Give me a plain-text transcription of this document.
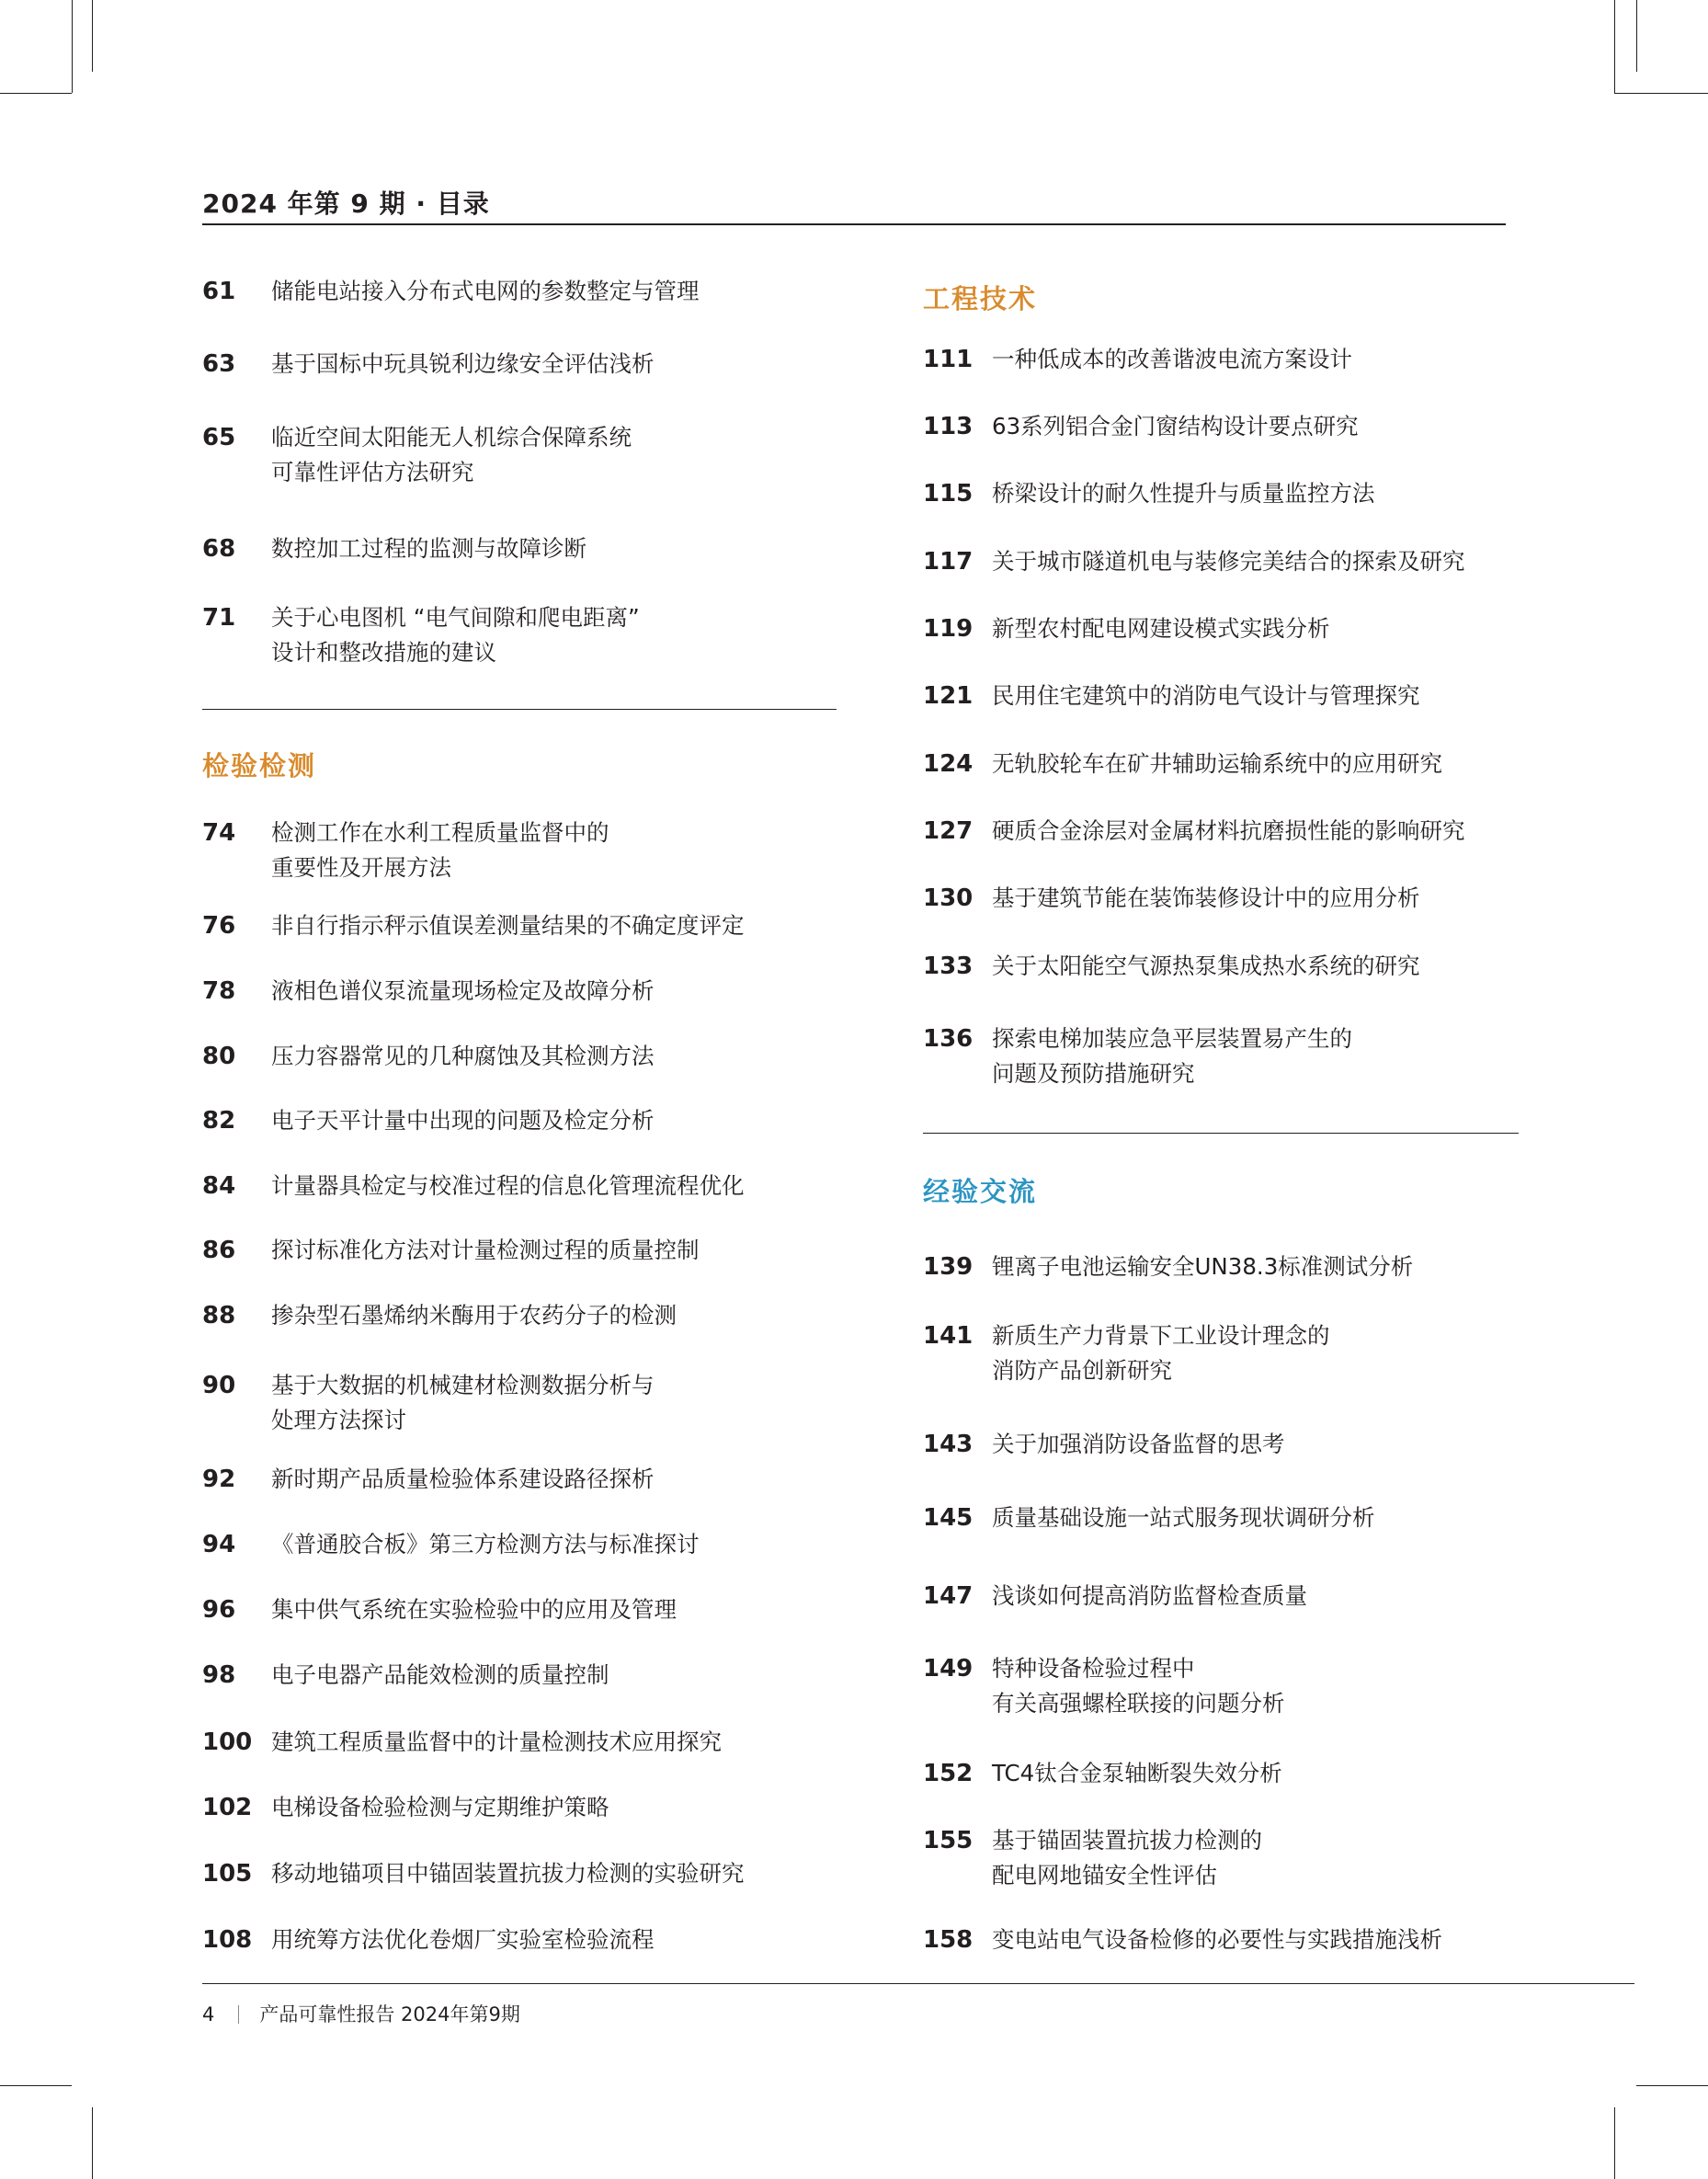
2024 年第 9 期 · 目录
61 储能电站接入分布式电网的参数整定与管理
63 基于国标中玩具锐利边缘安全评估浅析
65 临近空间太阳能无人机综合保障系统
可靠性评估方法研究
68 数控加工过程的监测与故障诊断
71 关于心电图机 “电气间隙和爬电距离”
设计和整改措施的建议
检验检测
74 检测工作在水利工程质量监督中的
重要性及开展方法
76 非自行指示秤示值误差测量结果的不确定度评定
78 液相色谱仪泵流量现场检定及故障分析
80 压力容器常见的几种腐蚀及其检测方法
82 电子天平计量中出现的问题及检定分析
84 计量器具检定与校准过程的信息化管理流程优化
86 探讨标准化方法对计量检测过程的质量控制
88 掺杂型石墨烯纳米酶用于农药分子的检测
90 基于大数据的机械建材检测数据分析与
处理方法探讨
92 新时期产品质量检验体系建设路径探析
94 《普通胶合板》第三方检测方法与标准探讨
96 集中供气系统在实验检验中的应用及管理
98 电子电器产品能效检测的质量控制
100 建筑工程质量监督中的计量检测技术应用探究
102 电梯设备检验检测与定期维护策略
105 移动地锚项目中锚固装置抗拔力检测的实验研究
108 用统筹方法优化卷烟厂实验室检验流程
工程技术
111 一种低成本的改善谐波电流方案设计
113 63系列铝合金门窗结构设计要点研究
115 桥梁设计的耐久性提升与质量监控方法
117 关于城市隧道机电与装修完美结合的探索及研究
119 新型农村配电网建设模式实践分析
121 民用住宅建筑中的消防电气设计与管理探究
124 无轨胶轮车在矿井辅助运输系统中的应用研究
127 硬质合金涂层对金属材料抗磨损性能的影响研究
130 基于建筑节能在装饰装修设计中的应用分析
133 关于太阳能空气源热泵集成热水系统的研究
136 探索电梯加装应急平层装置易产生的
问题及预防措施研究
经验交流
139 锂离子电池运输安全UN38.3标准测试分析
141 新质生产力背景下工业设计理念的
消防产品创新研究
143 关于加强消防设备监督的思考
145 质量基础设施一站式服务现状调研分析
147 浅谈如何提高消防监督检查质量
149 特种设备检验过程中
有关高强螺栓联接的问题分析
152 TC4钛合金泵轴断裂失效分析
155 基于锚固装置抗拔力检测的
配电网地锚安全性评估
158 变电站电气设备检修的必要性与实践措施浅析
4 产品可靠性报告 2024年第9期
